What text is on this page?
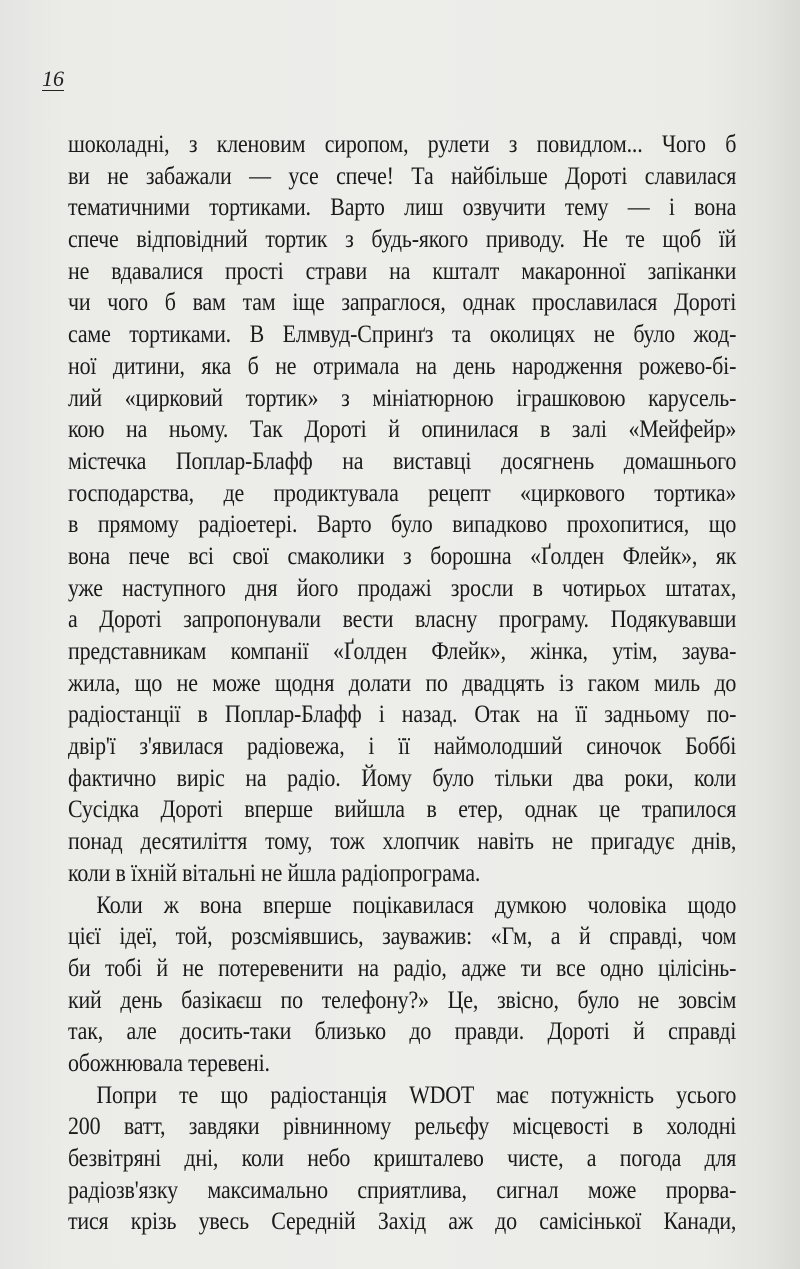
16
шоколадні, з кленовим сиропом, рулети з повидлом... Чого б
ви не забажали — усе спече! Та найбільше Дороті славилася
тематичними тортиками. Варто лиш озвучити тему — і вона
спече відповідний тортик з будь-якого приводу. Не те щоб їй
не вдавалися прості страви на кшталт макаронної запіканки
чи чого б вам там іще запраглося, однак прославилася Дороті
саме тортиками. В Елмвуд-Спринґз та околицях не було жод-
ної дитини, яка б не отримала на день народження рожево-бі-
лий «цирковий тортик» з мініатюрною іграшковою карусель-
кою на ньому. Так Дороті й опинилася в залі «Мейфейр»
містечка Поплар-Блафф на виставці досягнень домашнього
господарства, де продиктувала рецепт «циркового тортика»
в прямому радіоетері. Варто було випадково прохопитися, що
вона пече всі свої смаколики з борошна «Ґолден Флейк», як
уже наступного дня його продажі зросли в чотирьох штатах,
а Дороті запропонували вести власну програму. Подякувавши
представникам компанії «Ґолден Флейк», жінка, утім, заува-
жила, що не може щодня долати по двадцять із гаком миль до
радіостанції в Поплар-Блафф і назад. Отак на її задньому по-
двір'ї з'явилася радіовежа, і її наймолодший синочок Боббі
фактично виріс на радіо. Йому було тільки два роки, коли
Сусідка Дороті вперше вийшла в етер, однак це трапилося
понад десятиліття тому, тож хлопчик навіть не пригадує днів,
коли в їхній вітальні не йшла радіопрограма.
Коли ж вона вперше поцікавилася думкою чоловіка щодо
цієї ідеї, той, розсміявшись, зауважив: «Гм, а й справді, чом
би тобі й не потеревенити на радіо, адже ти все одно цілісінь-
кий день базікаєш по телефону?» Це, звісно, було не зовсім
так, але досить-таки близько до правди. Дороті й справді
обожнювала теревені.
Попри те що радіостанція WDOT має потужність усього
200 ватт, завдяки рівнинному рельєфу місцевості в холодні
безвітряні дні, коли небо кришталево чисте, а погода для
радіозв'язку максимально сприятлива, сигнал може прорва-
тися крізь увесь Середній Захід аж до самісінької Канади,
